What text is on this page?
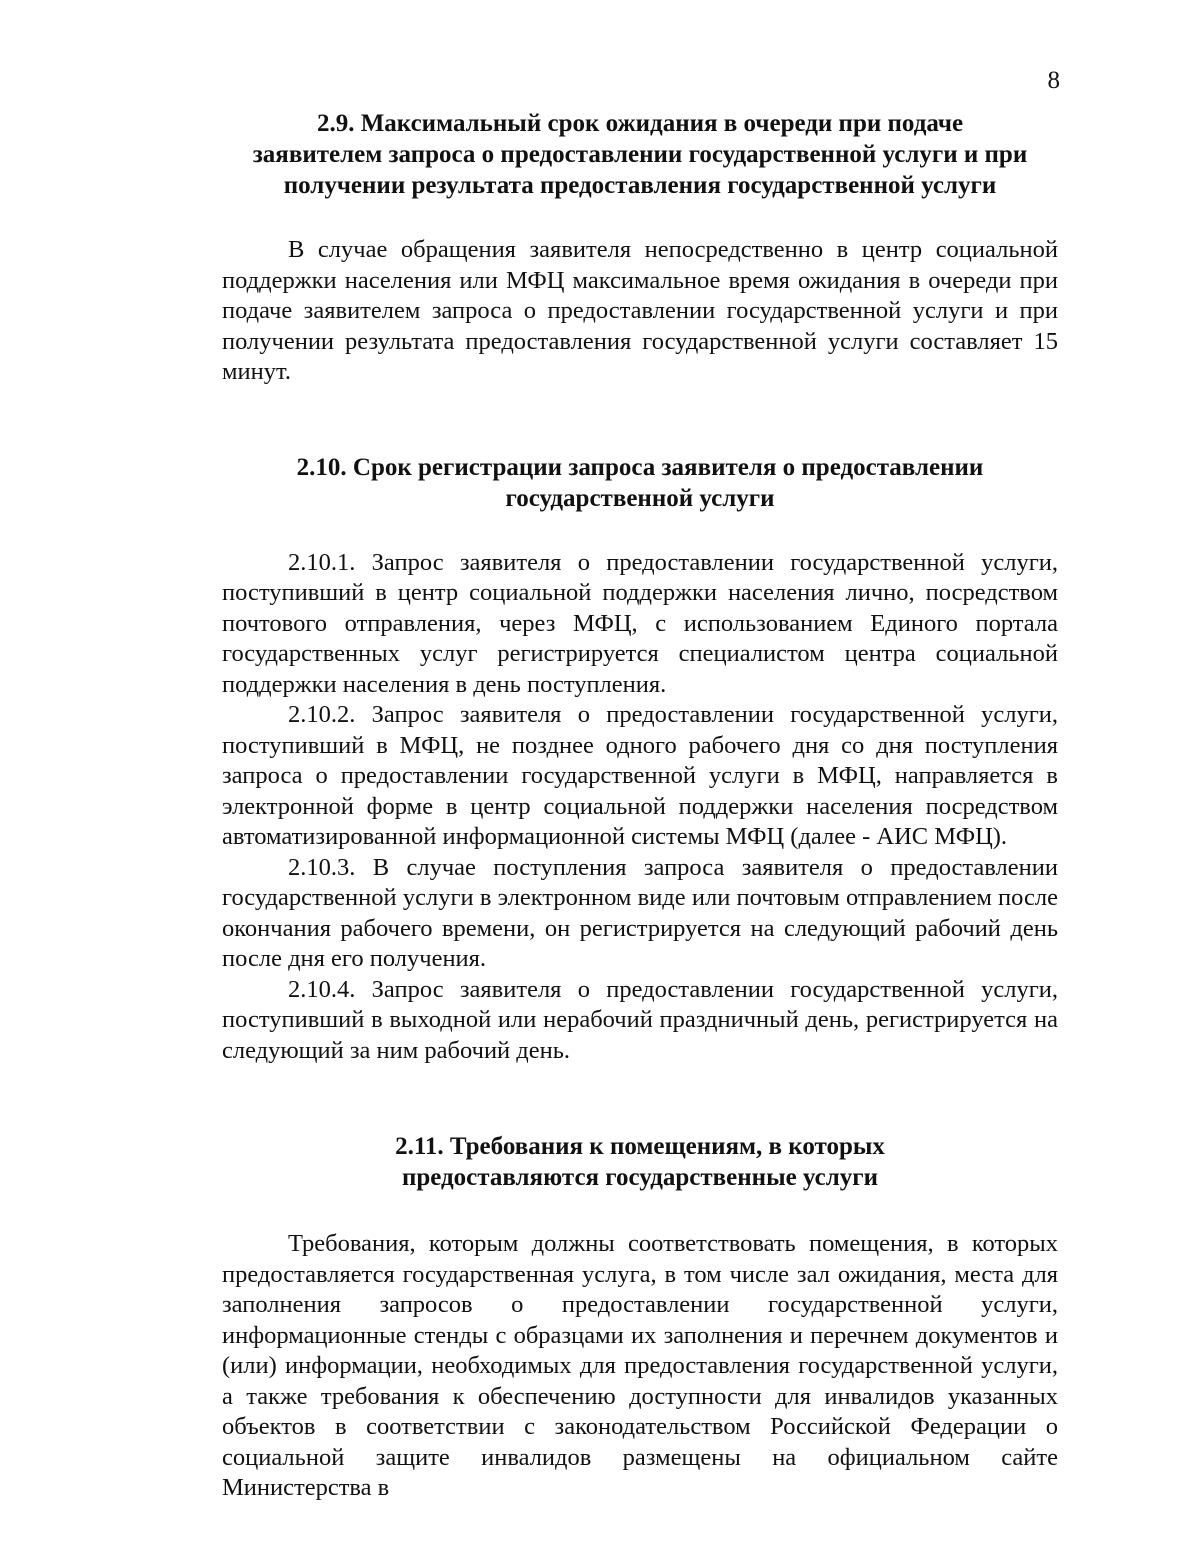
8
2.9. Максимальный срок ожидания в очереди при подаче
заявителем запроса о предоставлении государственной услуги и при
получении результата предоставления государственной услуги

В случае обращения заявителя непосредственно в центр социальной поддержки населения или МФЦ максимальное время ожидания в очереди при подаче заявителем запроса о предоставлении государственной услуги и при получении результата предоставления государственной услуги составляет 15 минут.

2.10. Срок регистрации запроса заявителя о предоставлении
государственной услуги

2.10.1. Запрос заявителя о предоставлении государственной услуги, поступивший в центр социальной поддержки населения лично, посредством почтового отправления, через МФЦ, с использованием Единого портала государственных услуг регистрируется специалистом центра социальной поддержки населения в день поступления.

2.10.2. Запрос заявителя о предоставлении государственной услуги, поступивший в МФЦ, не позднее одного рабочего дня со дня поступления запроса о предоставлении государственной услуги в МФЦ, направляется в электронной форме в центр социальной поддержки населения посредством автоматизированной информационной системы МФЦ (далее - АИС МФЦ).

2.10.3. В случае поступления запроса заявителя о предоставлении государственной услуги в электронном виде или почтовым отправлением после окончания рабочего времени, он регистрируется на следующий рабочий день после дня его получения.

2.10.4. Запрос заявителя о предоставлении государственной услуги, поступивший в выходной или нерабочий праздничный день, регистрируется на следующий за ним рабочий день.

2.11. Требования к помещениям, в которых
предоставляются государственные услуги

Требования, которым должны соответствовать помещения, в которых предоставляется государственная услуга, в том числе зал ожидания, места для заполнения запросов о предоставлении государственной услуги, информационные стенды с образцами их заполнения и перечнем документов и (или) информации, необходимых для предоставления государственной услуги, а также требования к обеспечению доступности для инвалидов указанных объектов в соответствии с законодательством Российской Федерации о социальной защите инвалидов размещены на официальном сайте Министерства в
